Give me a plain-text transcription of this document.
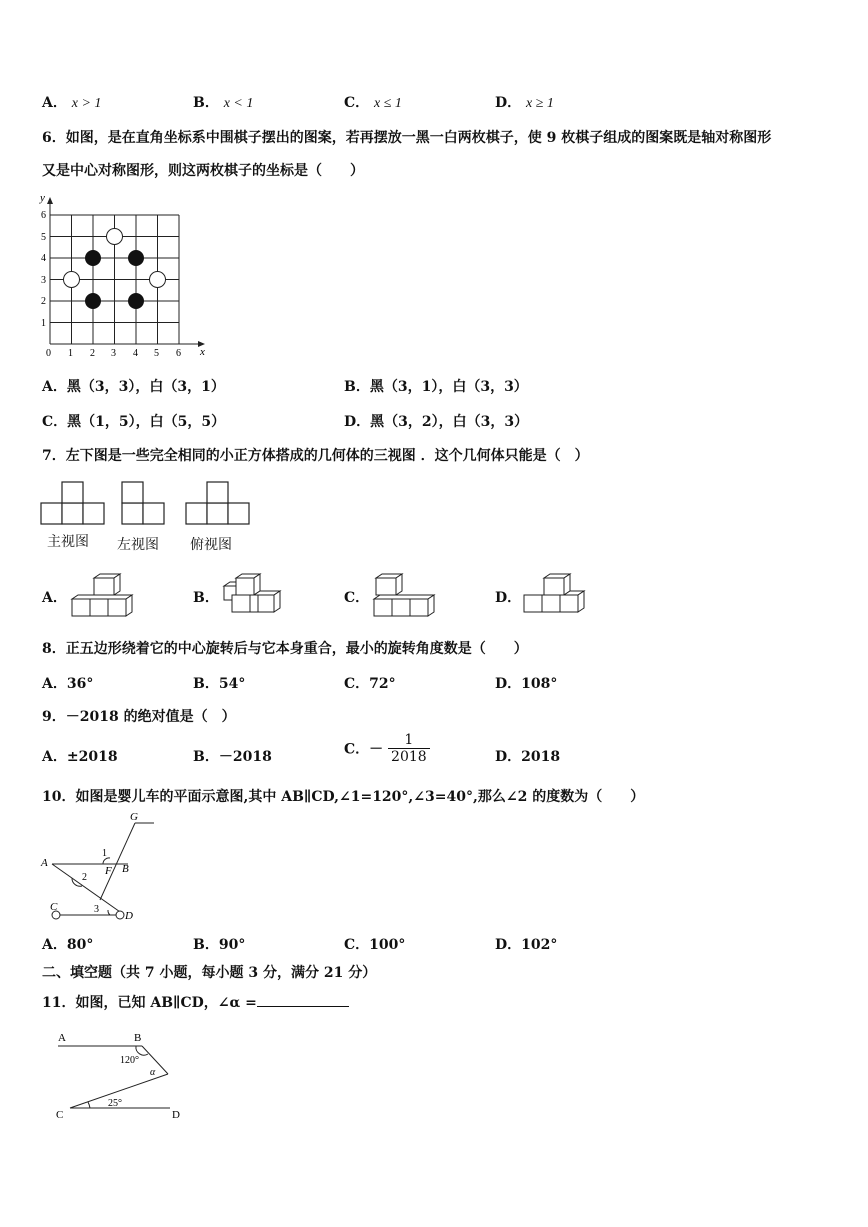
A． x > 1	B． x < 1	C． x ≤ 1	D． x ≥ 1
6．如图，是在直角坐标系中围棋子摆出的图案，若再摆放一黑一白两枚棋子，使 9 枚棋子组成的图案既是轴对称图形
又是中心对称图形，则这两枚棋子的坐标是（　　）
y
x
6
5
4
3
2
1
0 1 2 3 4 5 6
A．黑（3，3），白（3，1）	B．黑（3，1），白（3，3）
C．黑（1，5），白（5，5）	D．黑（3，2），白（3，3）
7．左下图是一些完全相同的小正方体搭成的几何体的三视图 ．这个几何体只能是（　）
主视图 左视图 俯视图
A．	B．	C．	D．
8．正五边形绕着它的中心旋转后与它本身重合，最小的旋转角度数是（　　）
A．36°	B．54°	C．72°	D．108°
9．－2018 的绝对值是（　）
A．±2018	B．－2018	C．－ $\frac{1}{2018}$	D．2018
10．如图是婴儿车的平面示意图,其中 AB∥CD,∠1=120°,∠3=40°,那么∠2 的度数为（　　）
G
A	B
F
C
D
1
2
3
A．80°	B．90°	C．100°	D．102°
二、填空题（共 7 小题，每小题 3 分，满分 21 分）
11．如图，已知 AB∥CD，∠α =
A	B
C	D
120°
25°
α
